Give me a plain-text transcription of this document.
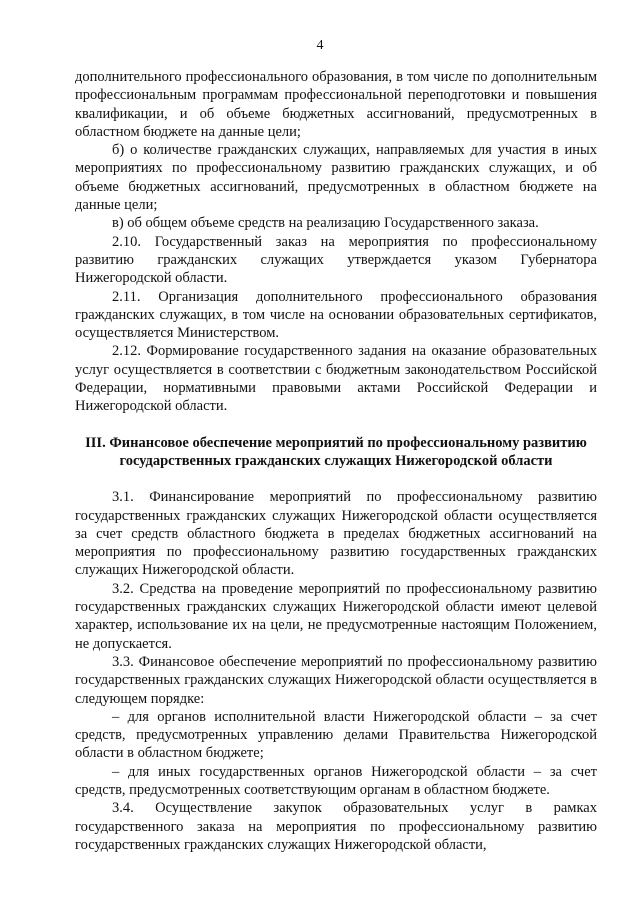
4

дополнительного профессионального образования, в том числе по дополнительным профессиональным программам профессиональной переподготовки и повышения квалификации, и об объеме бюджетных ассигнований, предусмотренных в областном бюджете на данные цели;

б) о количестве гражданских служащих, направляемых для участия в иных мероприятиях по профессиональному развитию гражданских служащих, и об объеме бюджетных ассигнований, предусмотренных в областном бюджете на данные цели;

в) об общем объеме средств на реализацию Государственного заказа.

2.10. Государственный заказ на мероприятия по профессиональному развитию гражданских служащих утверждается указом Губернатора Нижегородской области.

2.11. Организация дополнительного профессионального образования гражданских служащих, в том числе на основании образовательных сертификатов, осуществляется Министерством.

2.12. Формирование государственного задания на оказание образовательных услуг осуществляется в соответствии с бюджетным законодательством Российской Федерации, нормативными правовыми актами Российской Федерации и Нижегородской области.

III. Финансовое обеспечение мероприятий по профессиональному развитию государственных гражданских служащих Нижегородской области

3.1. Финансирование мероприятий по профессиональному развитию государственных гражданских служащих Нижегородской области осуществляется за счет средств областного бюджета в пределах бюджетных ассигнований на мероприятия по профессиональному развитию государственных гражданских служащих Нижегородской области.

3.2. Средства на проведение мероприятий по профессиональному развитию государственных гражданских служащих Нижегородской области имеют целевой характер, использование их на цели, не предусмотренные настоящим Положением, не допускается.

3.3. Финансовое обеспечение мероприятий по профессиональному развитию государственных гражданских служащих Нижегородской области осуществляется в следующем порядке:

– для органов исполнительной власти Нижегородской области – за счет средств, предусмотренных управлению делами Правительства Нижегородской области в областном бюджете;

– для иных государственных органов Нижегородской области – за счет средств, предусмотренных соответствующим органам в областном бюджете.

3.4. Осуществление закупок образовательных услуг в рамках государственного заказа на мероприятия по профессиональному развитию государственных гражданских служащих Нижегородской области,
